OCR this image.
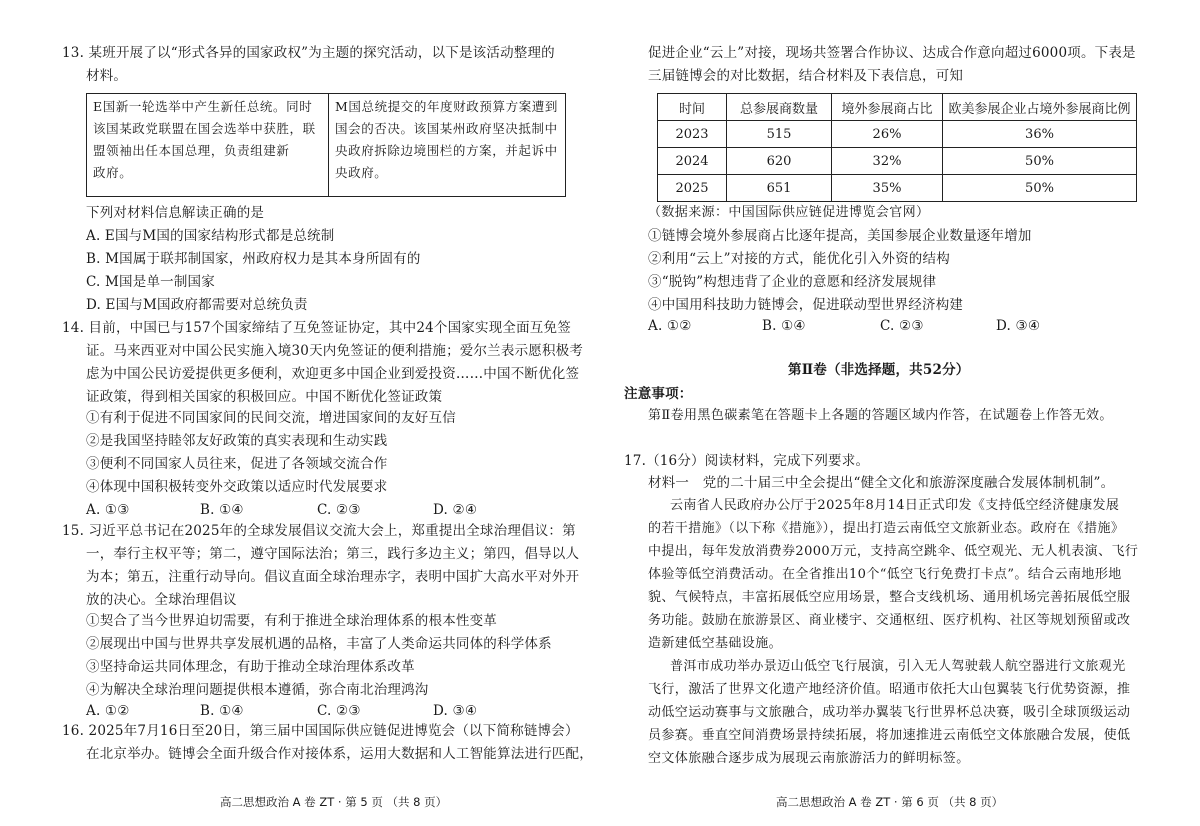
13. 某班开展了以“形式各异的国家政权”为主题的探究活动，以下是该活动整理的
材料。
E国新一轮选举中产生新任总统。同时
该国某政党联盟在国会选举中获胜，联
盟领袖出任本国总理，负责组建新
政府。
M国总统提交的年度财政预算方案遭到
国会的否决。该国某州政府坚决抵制中
央政府拆除边境围栏的方案，并起诉中
央政府。
下列对材料信息解读正确的是
A. E国与M国的国家结构形式都是总统制
B. M国属于联邦制国家，州政府权力是其本身所固有的
C. M国是单一制国家
D. E国与M国政府都需要对总统负责
14. 目前，中国已与157个国家缔结了互免签证协定，其中24个国家实现全面互免签
证。马来西亚对中国公民实施入境30天内免签证的便利措施；爱尔兰表示愿积极考
虑为中国公民访爱提供更多便利，欢迎更多中国企业到爱投资……中国不断优化签
证政策，得到相关国家的积极回应。中国不断优化签证政策
①有利于促进不同国家间的民间交流，增进国家间的友好互信
②是我国坚持睦邻友好政策的真实表现和生动实践
③便利不同国家人员往来，促进了各领域交流合作
④体现中国积极转变外交政策以适应时代发展要求
A. ①③	B. ①④	C. ②③	D. ②④
15. 习近平总书记在2025年的全球发展倡议交流大会上，郑重提出全球治理倡议：第
一，奉行主权平等；第二，遵守国际法治；第三，践行多边主义；第四，倡导以人
为本；第五，注重行动导向。倡议直面全球治理赤字，表明中国扩大高水平对外开
放的决心。全球治理倡议
①契合了当今世界迫切需要，有利于推进全球治理体系的根本性变革
②展现出中国与世界共享发展机遇的品格，丰富了人类命运共同体的科学体系
③坚持命运共同体理念，有助于推动全球治理体系改革
④为解决全球治理问题提供根本遵循，弥合南北治理鸿沟
A. ①②	B. ①④	C. ②③	D. ③④
16. 2025年7月16日至20日，第三届中国国际供应链促进博览会（以下简称链博会）
在北京举办。链博会全面升级合作对接体系，运用大数据和人工智能算法进行匹配，
高二思想政治 A 卷 ZT · 第 5 页 （共 8 页）
促进企业“云上”对接，现场共签署合作协议、达成合作意向超过6000项。下表是
三届链博会的对比数据，结合材料及下表信息，可知
时间	总参展商数量	境外参展商占比	欧美参展企业占境外参展商比例
2023	515	26%	36%
2024	620	32%	50%
2025	651	35%	50%
（数据来源：中国国际供应链促进博览会官网）
①链博会境外参展商占比逐年提高，美国参展企业数量逐年增加
②利用“云上”对接的方式，能优化引入外资的结构
③“脱钩”构想违背了企业的意愿和经济发展规律
④中国用科技助力链博会，促进联动型世界经济构建
A. ①②	B. ①④	C. ②③	D. ③④
第Ⅱ卷（非选择题，共52分）
注意事项：
第Ⅱ卷用黑色碳素笔在答题卡上各题的答题区域内作答，在试题卷上作答无效。
17.（16分）阅读材料，完成下列要求。
材料一　党的二十届三中全会提出“健全文化和旅游深度融合发展体制机制”。
云南省人民政府办公厅于2025年8月14日正式印发《支持低空经济健康发展
的若干措施》（以下称《措施》），提出打造云南低空文旅新业态。政府在《措施》
中提出，每年发放消费券2000万元，支持高空跳伞、低空观光、无人机表演、飞行
体验等低空消费活动。在全省推出10个“低空飞行免费打卡点”。结合云南地形地
貌、气候特点，丰富拓展低空应用场景，整合支线机场、通用机场完善拓展低空服
务功能。鼓励在旅游景区、商业楼宇、交通枢纽、医疗机构、社区等规划预留或改
造新建低空基础设施。
普洱市成功举办景迈山低空飞行展演，引入无人驾驶载人航空器进行文旅观光
飞行，激活了世界文化遗产地经济价值。昭通市依托大山包翼装飞行优势资源，推
动低空运动赛事与文旅融合，成功举办翼装飞行世界杯总决赛，吸引全球顶级运动
员参赛。垂直空间消费场景持续拓展，将加速推进云南低空文体旅融合发展，使低
空文体旅融合逐步成为展现云南旅游活力的鲜明标签。
高二思想政治 A 卷 ZT · 第 6 页 （共 8 页）
